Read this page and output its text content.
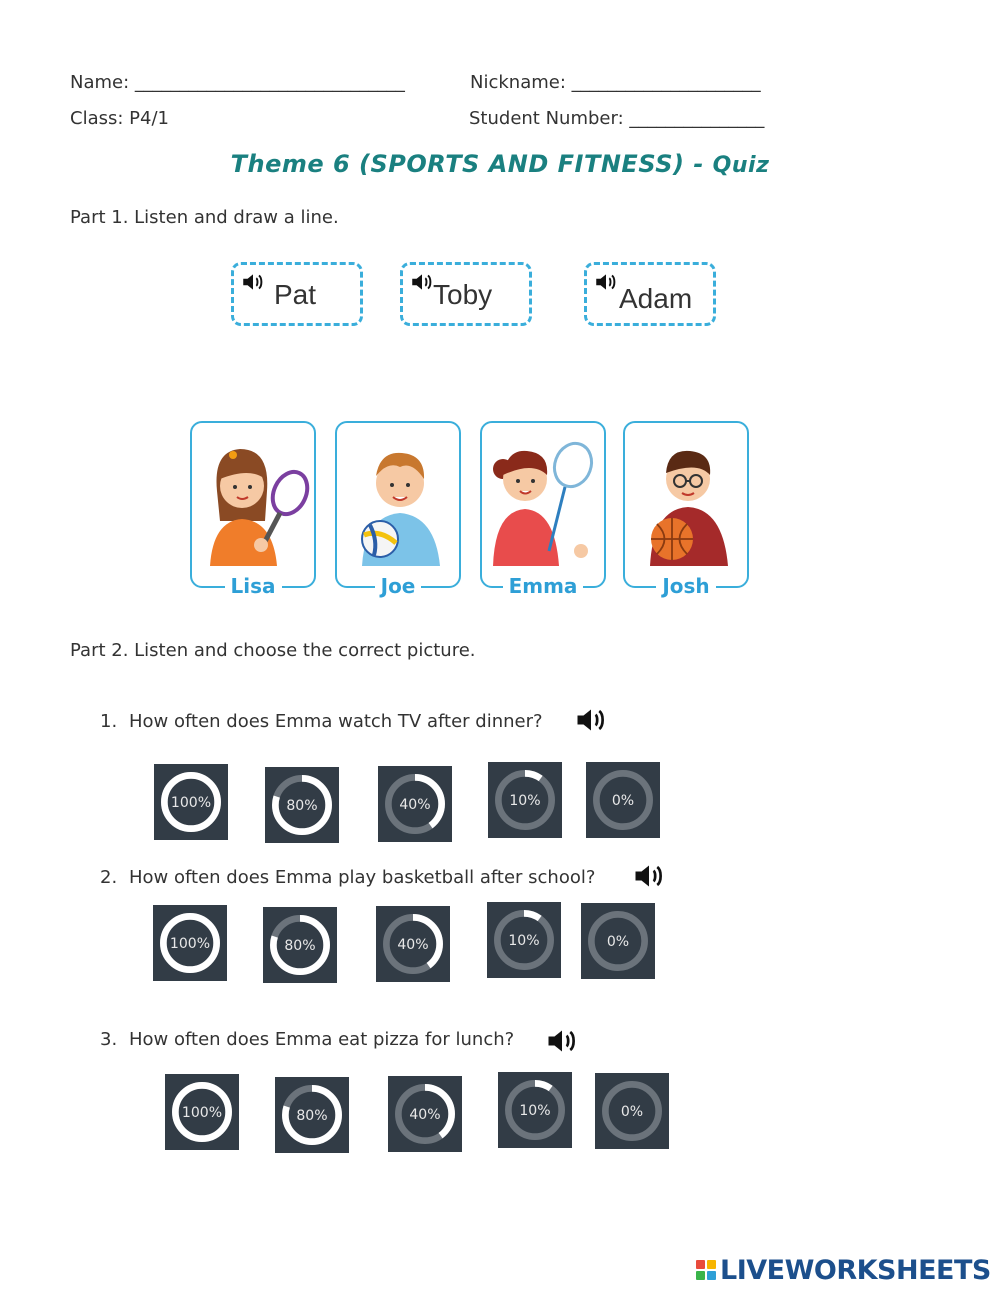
Name: ______________________________	Nickname: _____________________
Class: P4/1	Student Number: _______________
Theme 6 (SPORTS AND FITNESS) - Quiz
Part 1. Listen and draw a line.
Pat	Toby	Adam
Lisa	Joe	Emma	Josh
Part 2. Listen and choose the correct picture.
1. How often does Emma watch TV after dinner?
2. How often does Emma play basketball after school?
3. How often does Emma eat pizza for lunch?
100%	80%	40%	10%	0%
100%	80%	40%	10%	0%
100%	80%	40%	10%	0%
LIVEWORKSHEETS
